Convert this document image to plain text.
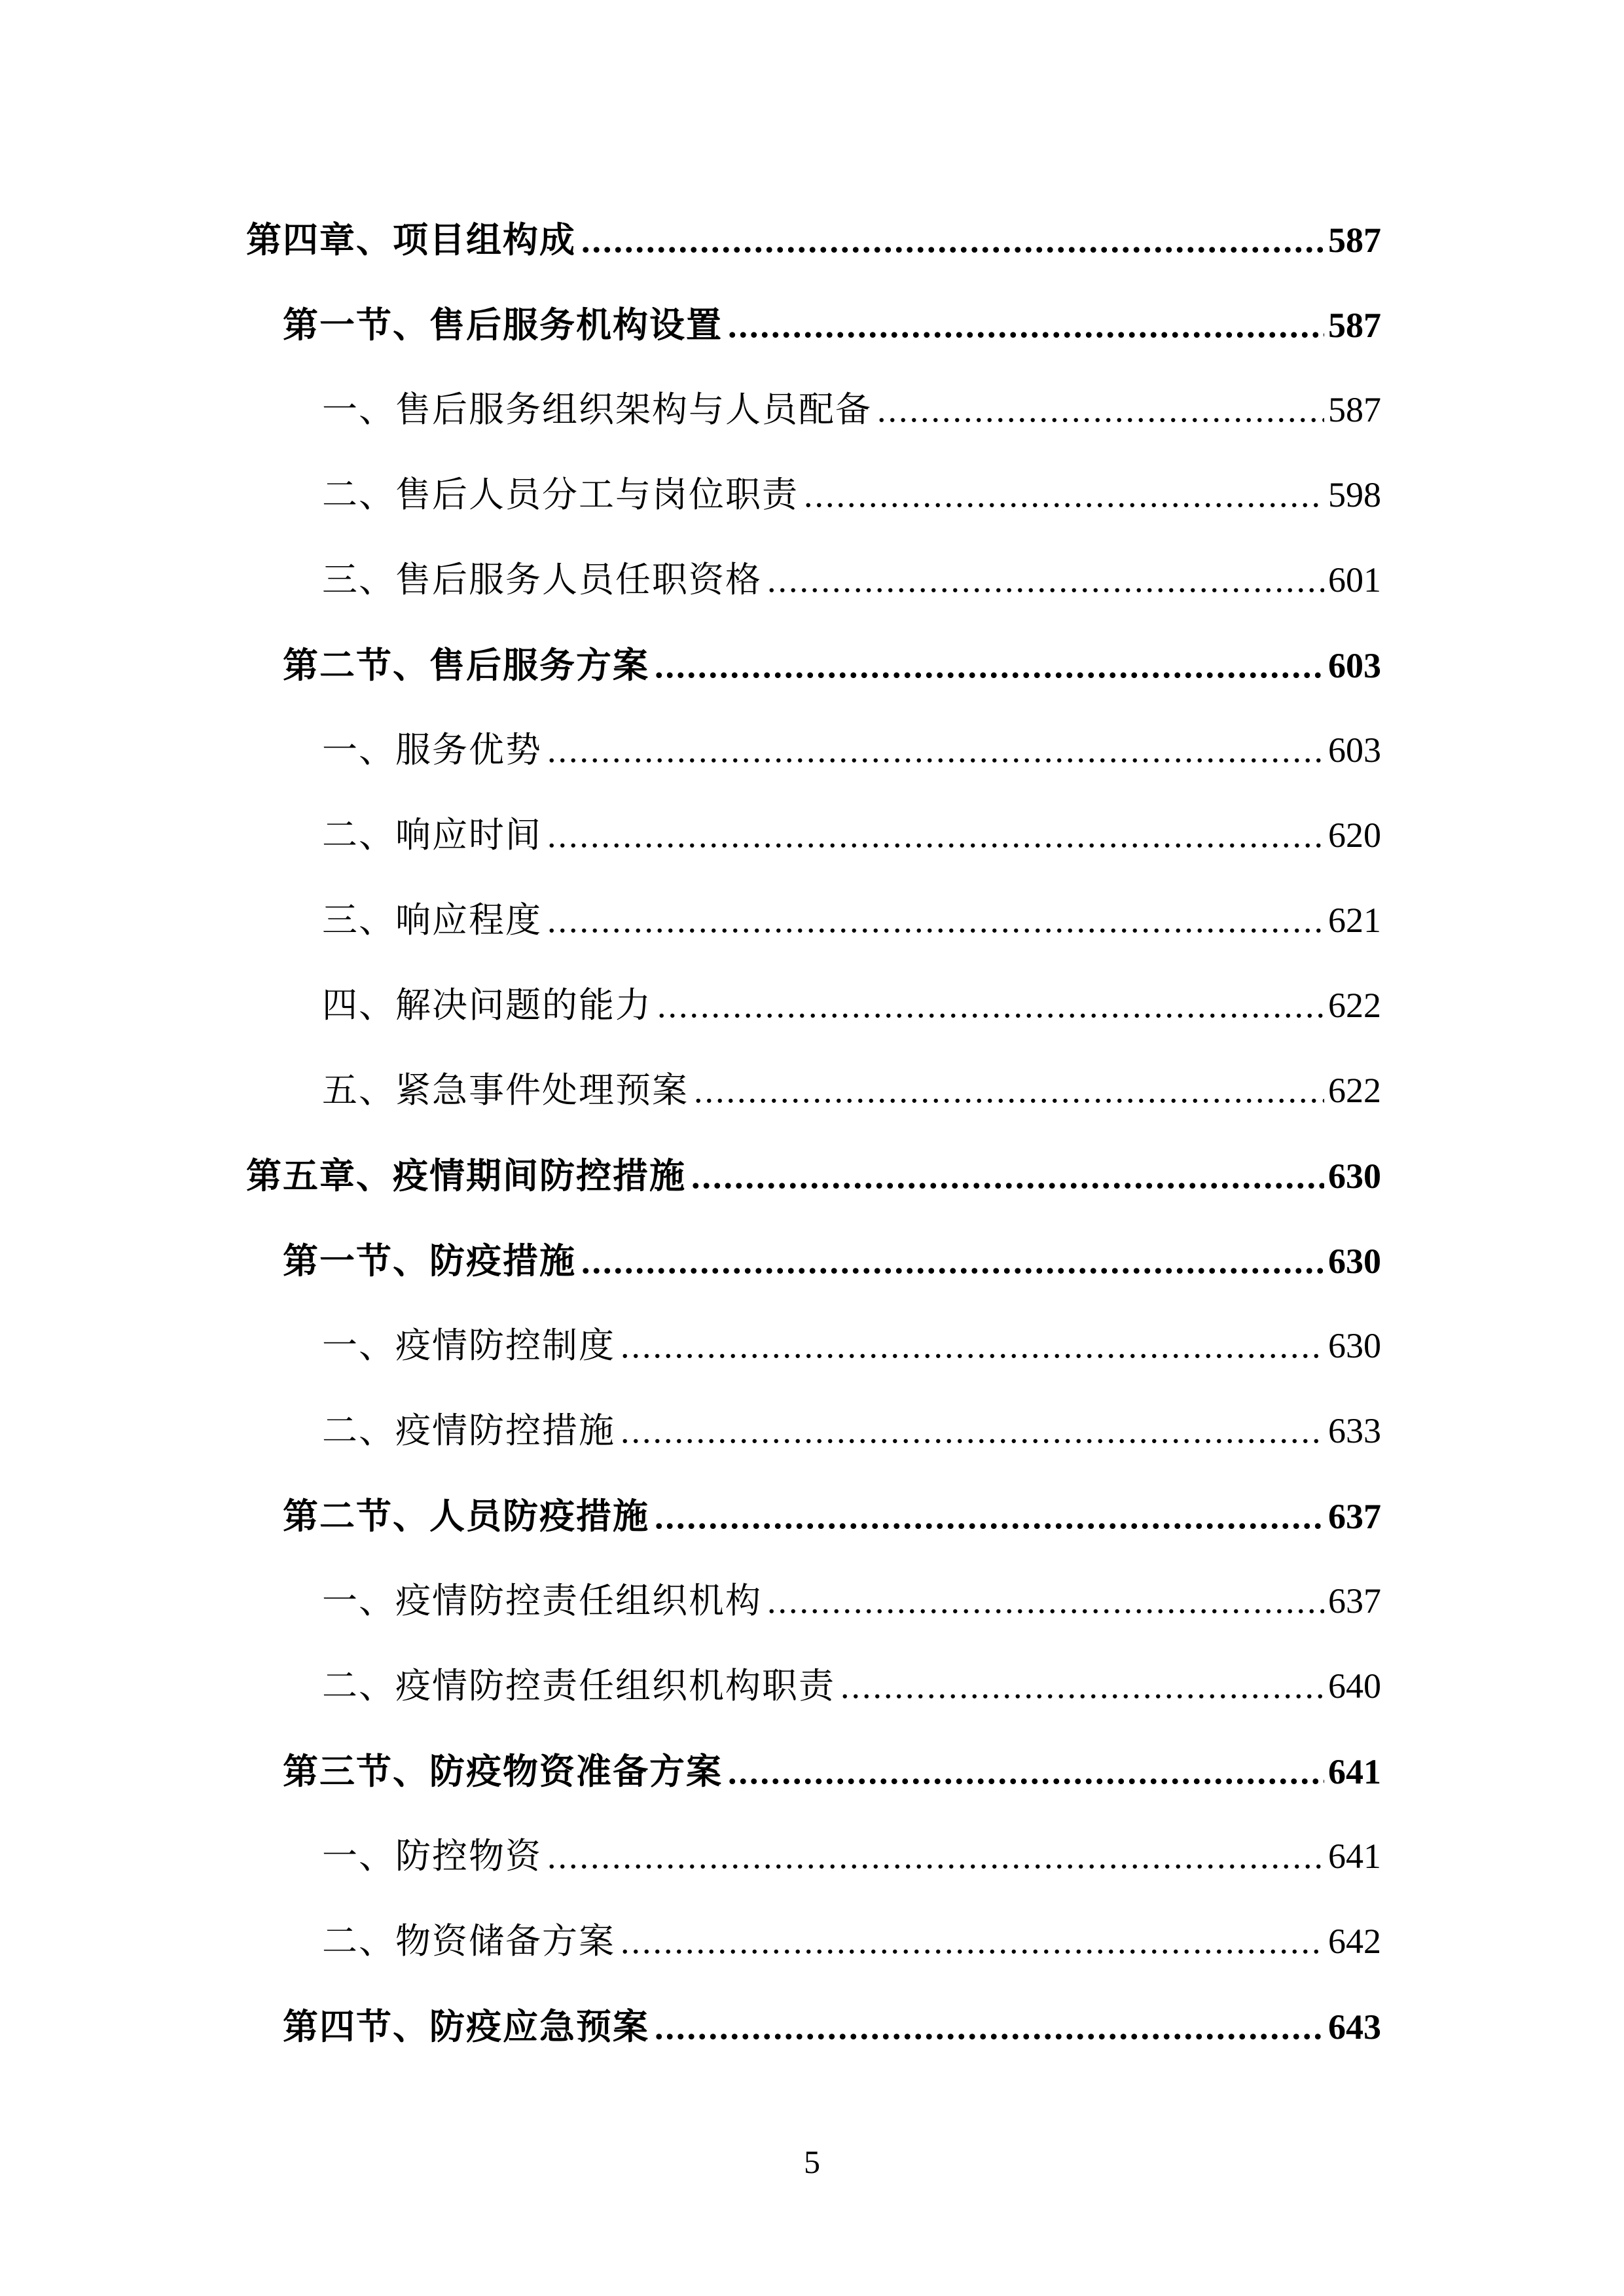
第四章、项目组构成 .....	587
第一节、售后服务机构设置 .....	587
一、售后服务组织架构与人员配备 .....	587
二、售后人员分工与岗位职责 .....	598
三、售后服务人员任职资格 .....	601
第二节、售后服务方案 .....	603
一、服务优势 .....	603
二、响应时间 .....	620
三、响应程度 .....	621
四、解决问题的能力 .....	622
五、紧急事件处理预案 .....	622
第五章、疫情期间防控措施 .....	630
第一节、防疫措施 .....	630
一、疫情防控制度 .....	630
二、疫情防控措施 .....	633
第二节、人员防疫措施 .....	637
一、疫情防控责任组织机构 .....	637
二、疫情防控责任组织机构职责 .....	640
第三节、防疫物资准备方案 .....	641
一、防控物资 .....	641
二、物资储备方案 .....	642
第四节、防疫应急预案 .....	643
5
